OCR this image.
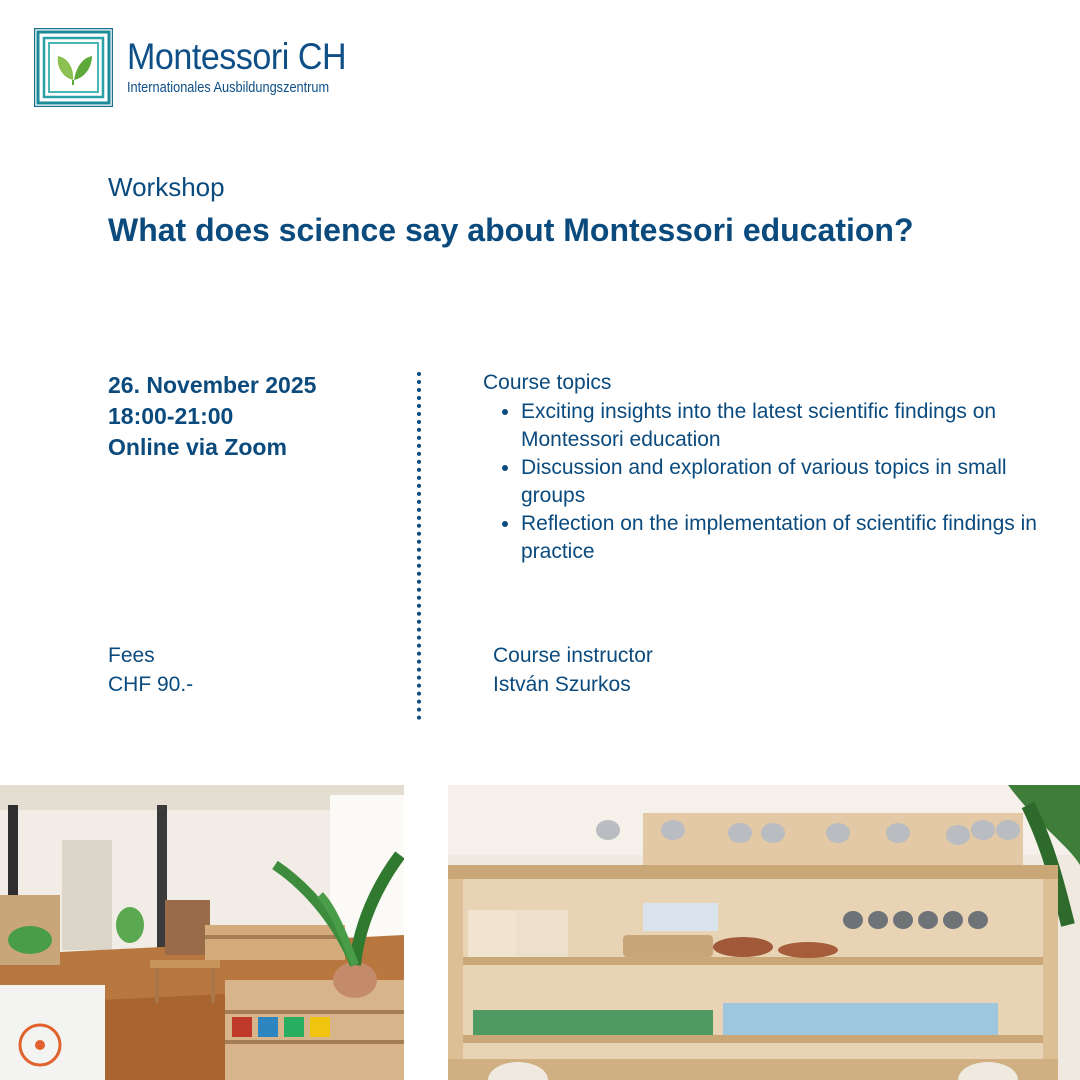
Montessori CH
Internationales Ausbildungszentrum
Workshop
What does science say about Montessori education?
26. November 2025
18:00-21:00
Online via Zoom
Course topics
• Exciting insights into the latest scientific findings on Montessori education
• Discussion and exploration of various topics in small groups
• Reflection on the implementation of scientific findings in practice
Fees
CHF 90.-
Course instructor
István Szurkos
